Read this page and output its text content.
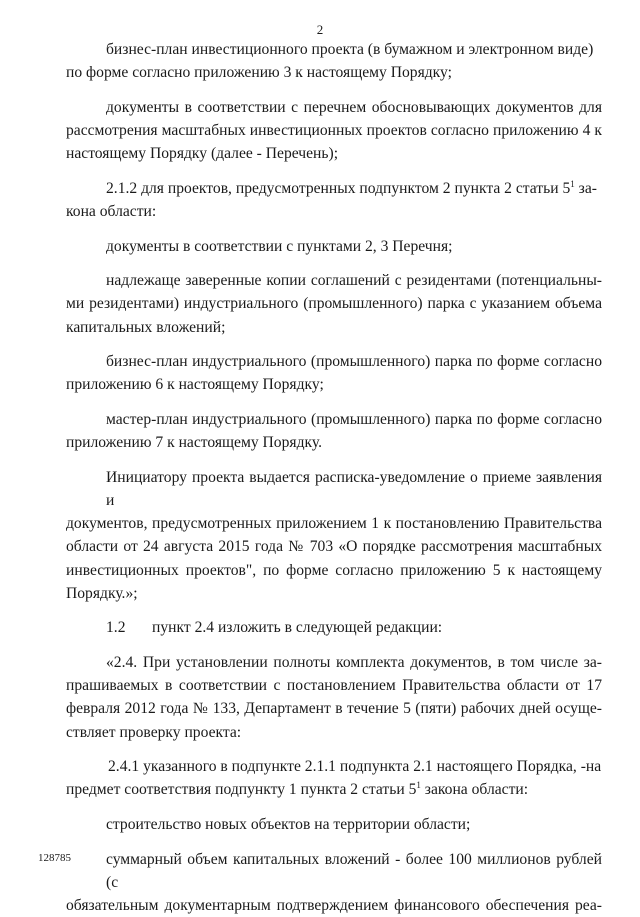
2
бизнес-план инвестиционного проекта (в бумажном и электронном виде)
по форме согласно приложению 3 к настоящему Порядку;
документы в соответствии с перечнем обосновывающих документов для
рассмотрения масштабных инвестиционных проектов согласно приложению 4 к
настоящему Порядку (далее - Перечень);
2.1.2 для проектов, предусмотренных подпунктом 2 пункта 2 статьи $5^1$ за-
кона области:
документы в соответствии с пунктами 2, 3 Перечня;
надлежаще заверенные копии соглашений с резидентами (потенциальны-
ми резидентами) индустриального (промышленного) парка с указанием объема
капитальных вложений;
бизнес-план индустриального (промышленного) парка по форме согласно
приложению 6 к настоящему Порядку;
мастер-план индустриального (промышленного) парка по форме согласно
приложению 7 к настоящему Порядку.
Инициатору проекта выдается расписка-уведомление о приеме заявления и
документов, предусмотренных приложением 1 к постановлению Правительства
области от 24 августа 2015 года № 703 «О порядке рассмотрения масштабных
инвестиционных проектов", по форме согласно приложению 5 к настоящему
Порядку.»;
1.2 пункт 2.4 изложить в следующей редакции:
«2.4. При установлении полноты комплекта документов, в том числе за-
прашиваемых в соответствии с постановлением Правительства области от 17
февраля 2012 года № 133, Департамент в течение 5 (пяти) рабочих дней осуще-
ствляет проверку проекта:
2.4.1 указанного в подпункте 2.1.1 подпункта 2.1 настоящего Порядка, -на
предмет соответствия подпункту 1 пункта 2 статьи $5^1$ закона области:
строительство новых объектов на территории области;
суммарный объем капитальных вложений - более 100 миллионов рублей (с
обязательным документарным подтверждением финансового обеспечения реа-
128785
